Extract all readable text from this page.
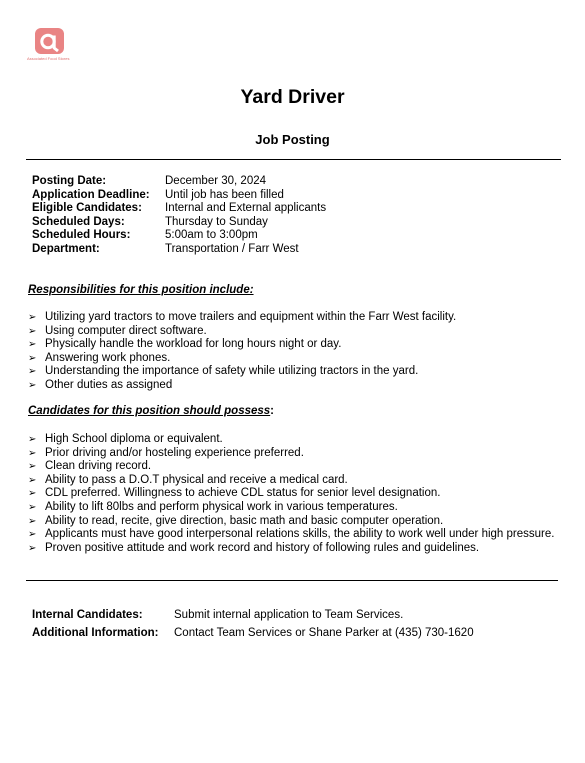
Associated Food Stores
Yard Driver
Job Posting
Posting Date:	December 30, 2024
Application Deadline:	Until job has been filled
Eligible Candidates:	Internal and External applicants
Scheduled Days:	Thursday to Sunday
Scheduled Hours:	5:00am to 3:00pm
Department:	Transportation / Farr West
Responsibilities for this position include:
➢ Utilizing yard tractors to move trailers and equipment within the Farr West facility.
➢ Using computer direct software.
➢ Physically handle the workload for long hours night or day.
➢ Answering work phones.
➢ Understanding the importance of safety while utilizing tractors in the yard.
➢ Other duties as assigned
Candidates for this position should possess:
➢ High School diploma or equivalent.
➢ Prior driving and/or hosteling experience preferred.
➢ Clean driving record.
➢ Ability to pass a D.O.T physical and receive a medical card.
➢ CDL preferred. Willingness to achieve CDL status for senior level designation.
➢ Ability to lift 80lbs and perform physical work in various temperatures.
➢ Ability to read, recite, give direction, basic math and basic computer operation.
➢ Applicants must have good interpersonal relations skills, the ability to work well under high pressure.
➢ Proven positive attitude and work record and history of following rules and guidelines.
Internal Candidates:	Submit internal application to Team Services.
Additional Information:	Contact Team Services or Shane Parker at (435) 730-1620
